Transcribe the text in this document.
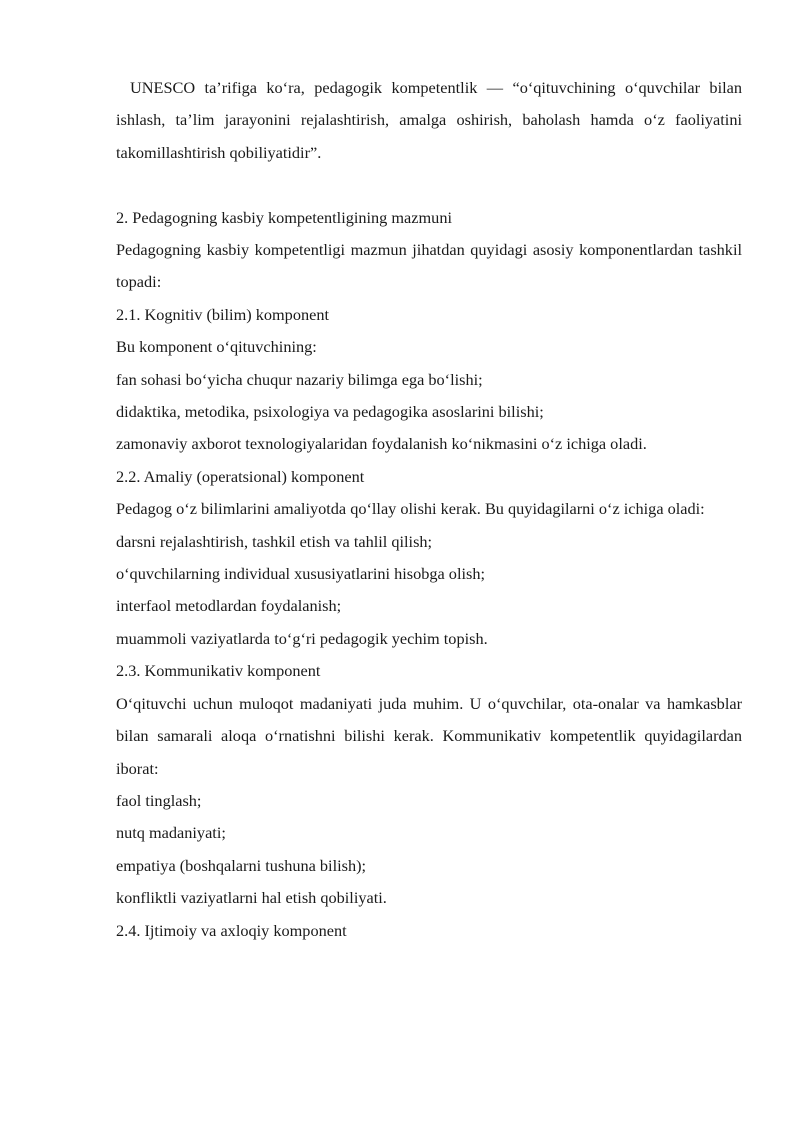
UNESCO ta’rifiga ko‘ra, pedagogik kompetentlik — “o‘qituvchining o‘quvchilar bilan ishlash, ta’lim jarayonini rejalashtirish, amalga oshirish, baholash hamda o‘z faoliyatini takomillashtirish qobiliyatidir”.

2. Pedagogning kasbiy kompetentligining mazmuni

Pedagogning kasbiy kompetentligi mazmun jihatdan quyidagi asosiy komponentlardan tashkil topadi:

2.1. Kognitiv (bilim) komponent

Bu komponent o‘qituvchining:

fan sohasi bo‘yicha chuqur nazariy bilimga ega bo‘lishi;

didaktika, metodika, psixologiya va pedagogika asoslarini bilishi;

zamonaviy axborot texnologiyalaridan foydalanish ko‘nikmasini o‘z ichiga oladi.

2.2. Amaliy (operatsional) komponent

Pedagog o‘z bilimlarini amaliyotda qo‘llay olishi kerak. Bu quyidagilarni o‘z ichiga oladi:

darsni rejalashtirish, tashkil etish va tahlil qilish;

o‘quvchilarning individual xususiyatlarini hisobga olish;

interfaol metodlardan foydalanish;

muammoli vaziyatlarda to‘g‘ri pedagogik yechim topish.

2.3. Kommunikativ komponent

O‘qituvchi uchun muloqot madaniyati juda muhim. U o‘quvchilar, ota-onalar va hamkasblar bilan samarali aloqa o‘rnatishni bilishi kerak. Kommunikativ kompetentlik quyidagilardan iborat:

faol tinglash;

nutq madaniyati;

empatiya (boshqalarni tushuna bilish);

konfliktli vaziyatlarni hal etish qobiliyati.

2.4. Ijtimoiy va axloqiy komponent
